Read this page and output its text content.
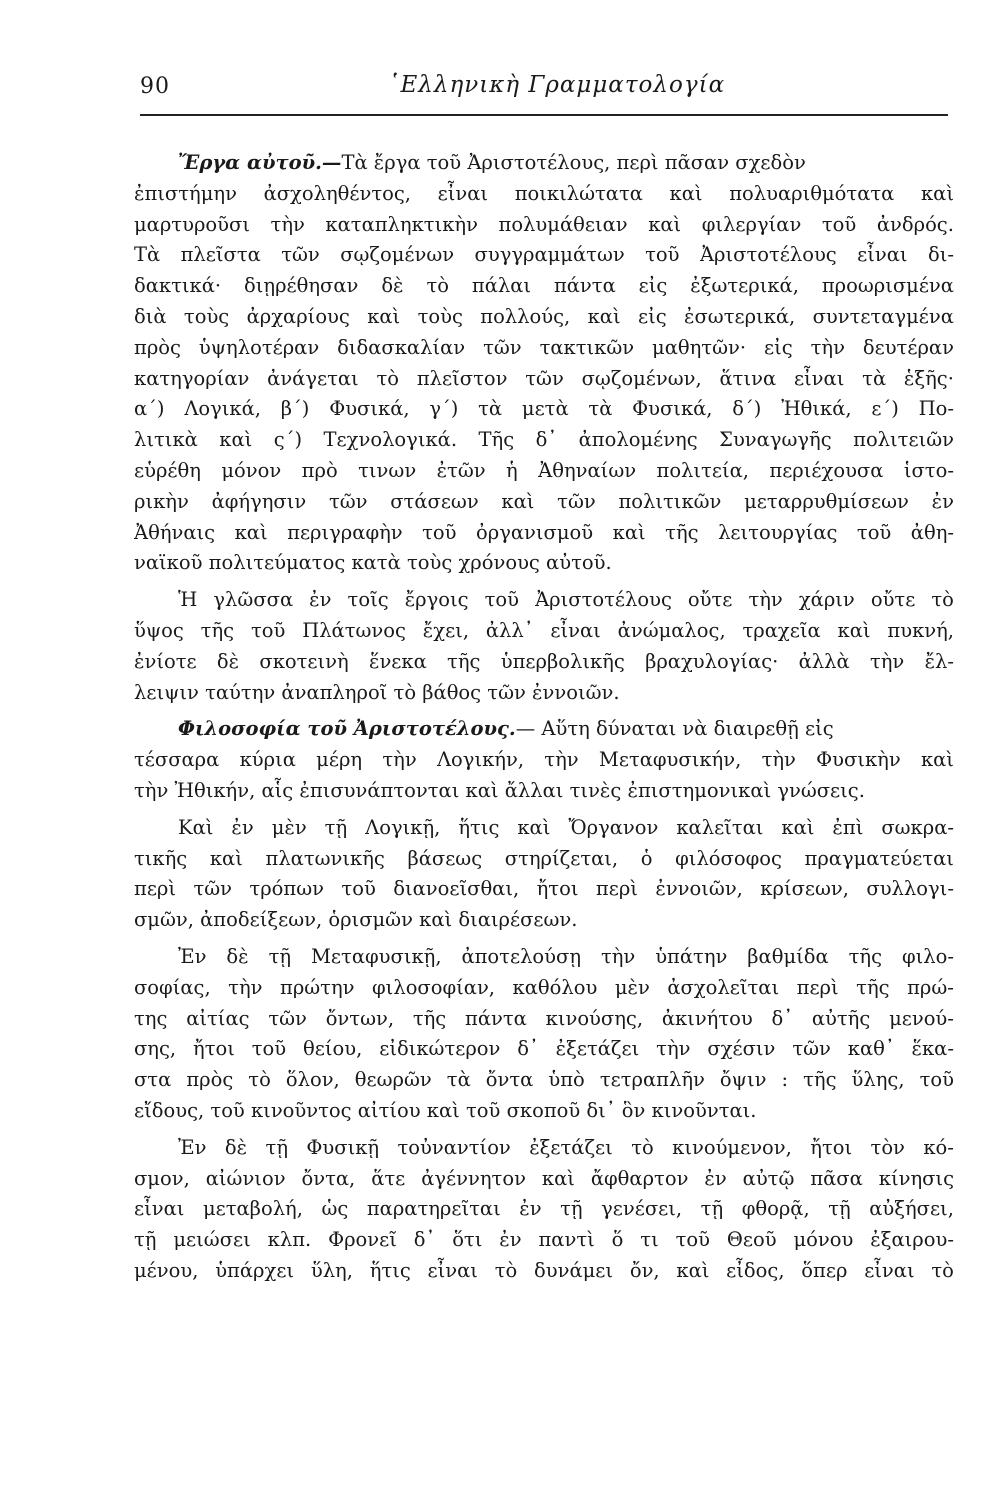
90	῾Ελληνικὴ Γραμματολογία
Ἔργα αὐτοῦ.—Τὰ ἔργα τοῦ Ἀριστοτέλους, περὶ πᾶσαν σχεδὸν
ἐπιστήμην ἀσχοληθέντος, εἶναι ποικιλώτατα καὶ πολυαριθμότατα καὶ
μαρτυροῦσι τὴν καταπληκτικὴν πολυμάθειαν καὶ φιλεργίαν τοῦ ἀνδρός.
Τὰ πλεῖστα τῶν σῳζομένων συγγραμμάτων τοῦ Ἀριστοτέλους εἶναι δι-
δακτικά· διῃρέθησαν δὲ τὸ πάλαι πάντα εἰς ἐξωτερικά, προωρισμένα
διὰ τοὺς ἀρχαρίους καὶ τοὺς πολλούς, καὶ εἰς ἐσωτερικά, συντεταγμένα
πρὸς ὑψηλοτέραν διδασκαλίαν τῶν τακτικῶν μαθητῶν· εἰς τὴν δευτέραν
κατηγορίαν ἀνάγεται τὸ πλεῖστον τῶν σῳζομένων, ἅτινα εἶναι τὰ ἑξῆς·
α΄) Λογικά, β΄) Φυσικά, γ΄) τὰ μετὰ τὰ Φυσικά, δ΄) Ἠθικά, ε΄) Πο-
λιτικὰ καὶ ς΄) Τεχνολογικά. Τῆς δ᾽ ἀπολομένης Συναγωγῆς πολιτειῶν
εὑρέθη μόνον πρὸ τινων ἐτῶν ἡ Ἀθηναίων πολιτεία, περιέχουσα ἱστο-
ρικὴν ἀφήγησιν τῶν στάσεων καὶ τῶν πολιτικῶν μεταρρυθμίσεων ἐν
Ἀθήναις καὶ περιγραφὴν τοῦ ὀργανισμοῦ καὶ τῆς λειτουργίας τοῦ ἀθη-
ναϊκοῦ πολιτεύματος κατὰ τοὺς χρόνους αὐτοῦ.
Ἡ γλῶσσα ἐν τοῖς ἔργοις τοῦ Ἀριστοτέλους οὔτε τὴν χάριν οὔτε τὸ
ὕψος τῆς τοῦ Πλάτωνος ἔχει, ἀλλ᾽ εἶναι ἀνώμαλος, τραχεῖα καὶ πυκνή,
ἐνίοτε δὲ σκοτεινὴ ἕνεκα τῆς ὑπερβολικῆς βραχυλογίας· ἀλλὰ τὴν ἔλ-
λειψιν ταύτην ἀναπληροῖ τὸ βάθος τῶν ἐννοιῶν.
Φιλοσοφία τοῦ Ἀριστοτέλους.— Αὕτη δύναται νὰ διαιρεθῇ εἰς
τέσσαρα κύρια μέρη τὴν Λογικήν, τὴν Μεταφυσικήν, τὴν Φυσικὴν καὶ
τὴν Ἠθικήν, αἷς ἐπισυνάπτονται καὶ ἄλλαι τινὲς ἐπιστημονικαὶ γνώσεις.
Καὶ ἐν μὲν τῇ Λογικῇ, ἥτις καὶ Ὄργανον καλεῖται καὶ ἐπὶ σωκρα-
τικῆς καὶ πλατωνικῆς βάσεως στηρίζεται, ὁ φιλόσοφος πραγματεύεται
περὶ τῶν τρόπων τοῦ διανοεῖσθαι, ἤτοι περὶ ἐννοιῶν, κρίσεων, συλλογι-
σμῶν, ἀποδείξεων, ὁρισμῶν καὶ διαιρέσεων.
Ἐν δὲ τῇ Μεταφυσικῇ, ἀποτελούσῃ τὴν ὑπάτην βαθμίδα τῆς φιλο-
σοφίας, τὴν πρώτην φιλοσοφίαν, καθόλου μὲν ἀσχολεῖται περὶ τῆς πρώ-
της αἰτίας τῶν ὄντων, τῆς πάντα κινούσης, ἀκινήτου δ᾽ αὐτῆς μενού-
σης, ἤτοι τοῦ θείου, εἰδικώτερον δ᾽ ἐξετάζει τὴν σχέσιν τῶν καθ᾽ ἕκα-
στα πρὸς τὸ ὅλον, θεωρῶν τὰ ὄντα ὑπὸ τετραπλῆν ὄψιν : τῆς ὕλης, τοῦ
εἴδους, τοῦ κινοῦντος αἰτίου καὶ τοῦ σκοποῦ δι᾽ ὃν κινοῦνται.
Ἐν δὲ τῇ Φυσικῇ τοὐναντίον ἐξετάζει τὸ κινούμενον, ἤτοι τὸν κό-
σμον, αἰώνιον ὄντα, ἅτε ἀγέννητον καὶ ἄφθαρτον ἐν αὐτῷ πᾶσα κίνησις
εἶναι μεταβολή, ὡς παρατηρεῖται ἐν τῇ γενέσει, τῇ φθορᾷ, τῇ αὐξήσει,
τῇ μειώσει κλπ. Φρονεῖ δ᾽ ὅτι ἐν παντὶ ὅ τι τοῦ Θεοῦ μόνου ἐξαιρου-
μένου, ὑπάρχει ὕλη, ἥτις εἶναι τὸ δυνάμει ὄν, καὶ εἶδος, ὅπερ εἶναι τὸ
